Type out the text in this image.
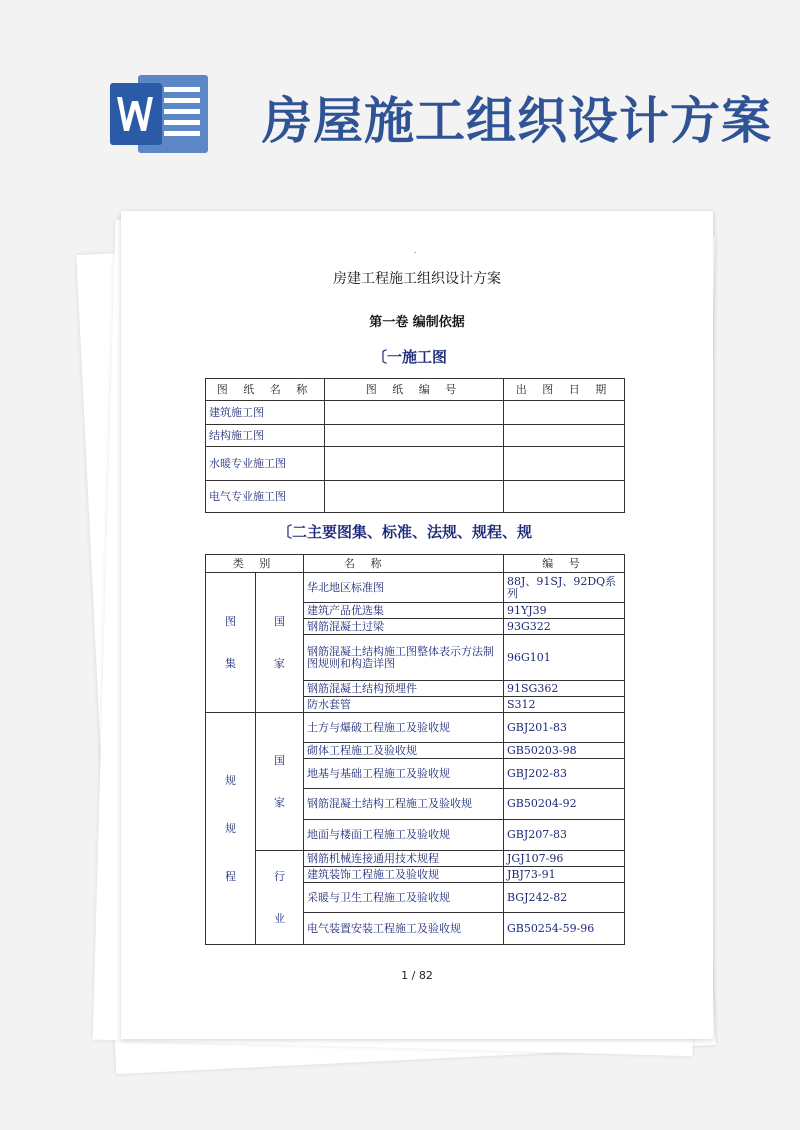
房屋施工组织设计方案
.
房建工程施工组织设计方案
第一卷 编制依据
〔一施工图
图 纸 名 称	图 纸 编 号	出 图 日 期
建筑施工图		
结构施工图		
水暖专业施工图		
电气专业施工图		
〔二主要图集、标准、法规、规程、规
类 别		名 称	编 号
图集	国家	华北地区标准图	88J、91SJ、92DQ系列
		建筑产品优选集	91YJ39
		钢筋混凝土过梁	93G322
		钢筋混凝土结构施工图整体表示方法制图规则和构造详图	96G101
		钢筋混凝土结构预埋件	91SG362
		防水套管	S312
规规程	国家	土方与爆破工程施工及验收规	GBJ201-83
		砌体工程施工及验收规	GB50203-98
		地基与基础工程施工及验收规	GBJ202-83
		钢筋混凝土结构工程施工及验收规	GB50204-92
		地面与楼面工程施工及验收规	GBJ207-83
	行业	钢筋机械连接通用技术规程	JGJ107-96
		建筑装饰工程施工及验收规	JBJ73-91
		采暖与卫生工程施工及验收规	BGJ242-82
		电气装置安装工程施工及验收规	GB50254-59-96
1 / 82
